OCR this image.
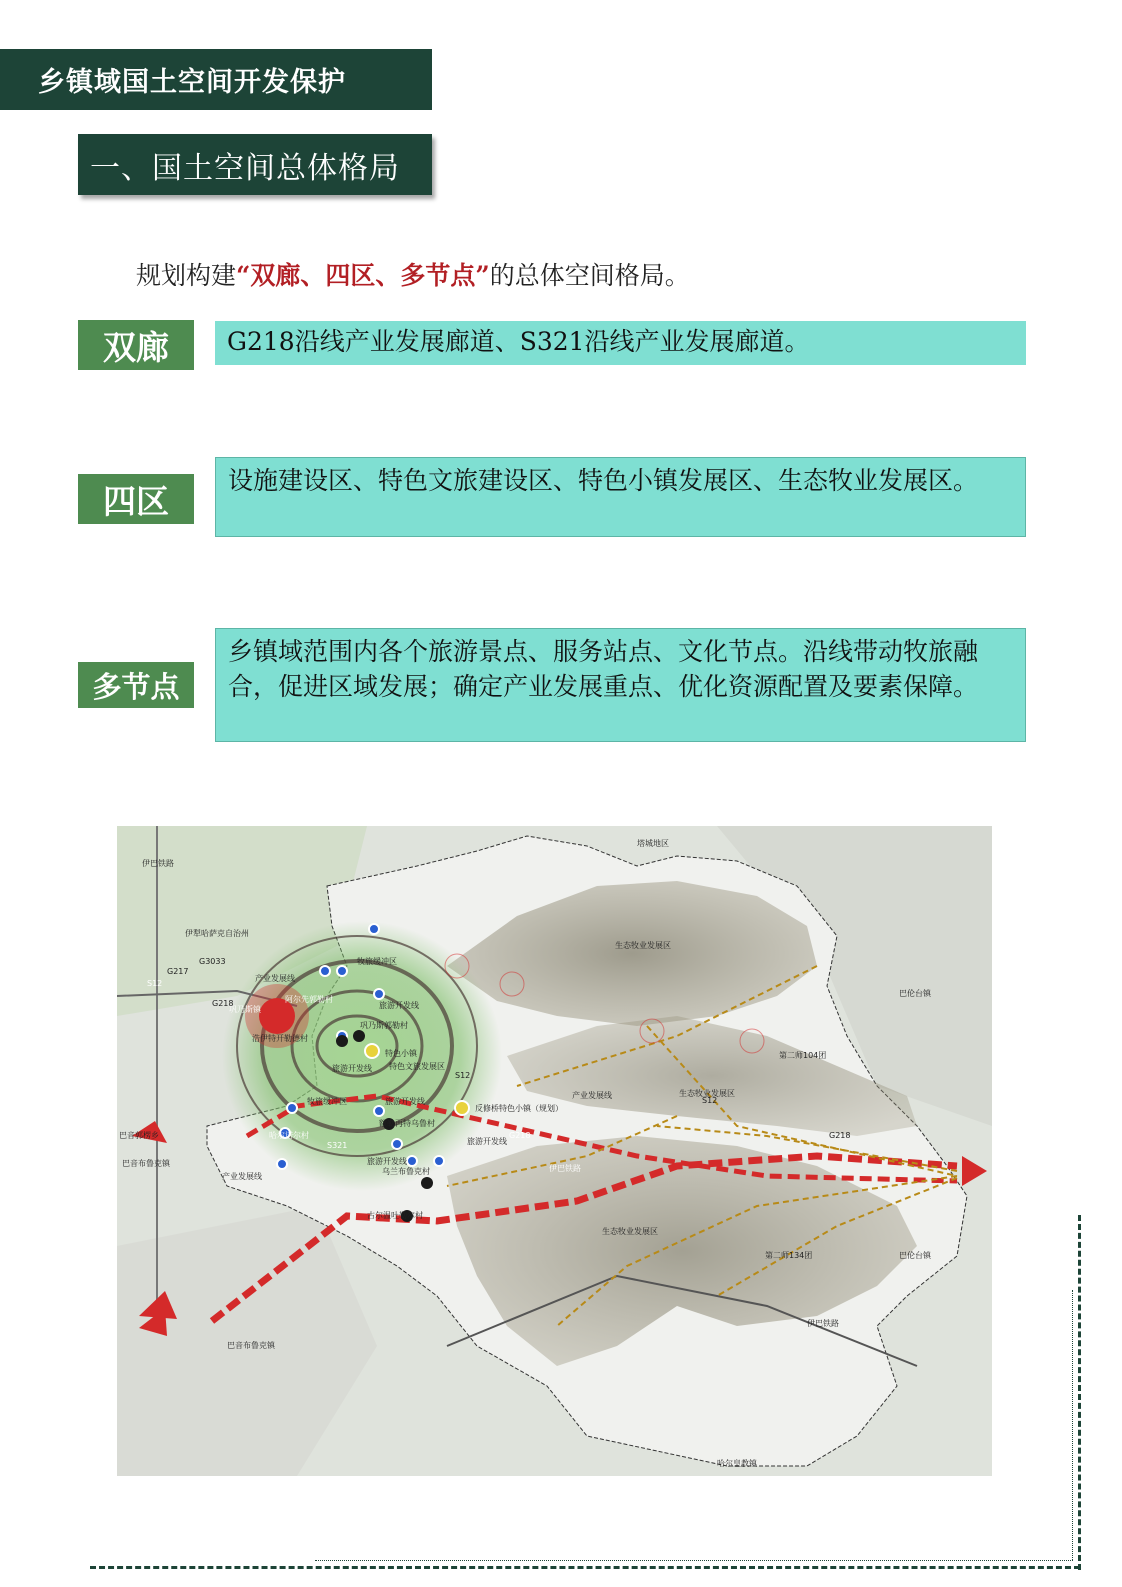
乡镇域国土空间开发保护
一、国土空间总体格局
规划构建“双廊、四区、多节点”的总体空间格局。
双廊	G218沿线产业发展廊道、S321沿线产业发展廊道。
四区
设施建设区、特色文旅建设区、特色小镇发展区、生态牧业发展区。
多节点
乡镇域范围内各个旅游景点、服务站点、文化节点。沿线带动牧旅融合，促进区域发展；确定产业发展重点、优化资源配置及要素保障。
塔城地区
生态牧业发展区
生态牧业发展区
生态牧业发展区
牧旅缓冲区
牧旅缓冲区
产业发展线
产业发展线
产业发展线
旅游开发线
旅游开发线
旅游开发线
旅游开发线
旅游开发线
巩乃斯镇
阿尔先郭勒村
浩伊特开勒德村
巩乃斯郭勒村
额勒再特乌鲁村
哈尔诺尔村
乌兰布鲁克村
古尔温吐勒尔村
特色小镇
特色文旅发展区
反修桥特色小镇（规划）
巴伦台镇
巴伦台镇
第二师104团
第二师134团
巴音布鲁克镇
巴音布鲁克镇
巴音郭楞乡
哈尔皇教镇
伊犁哈萨克自治州
伊巴铁路
伊巴铁路
伊巴铁路
G218
G218	G218
S321
S12
S12
S12
G217
G3033
